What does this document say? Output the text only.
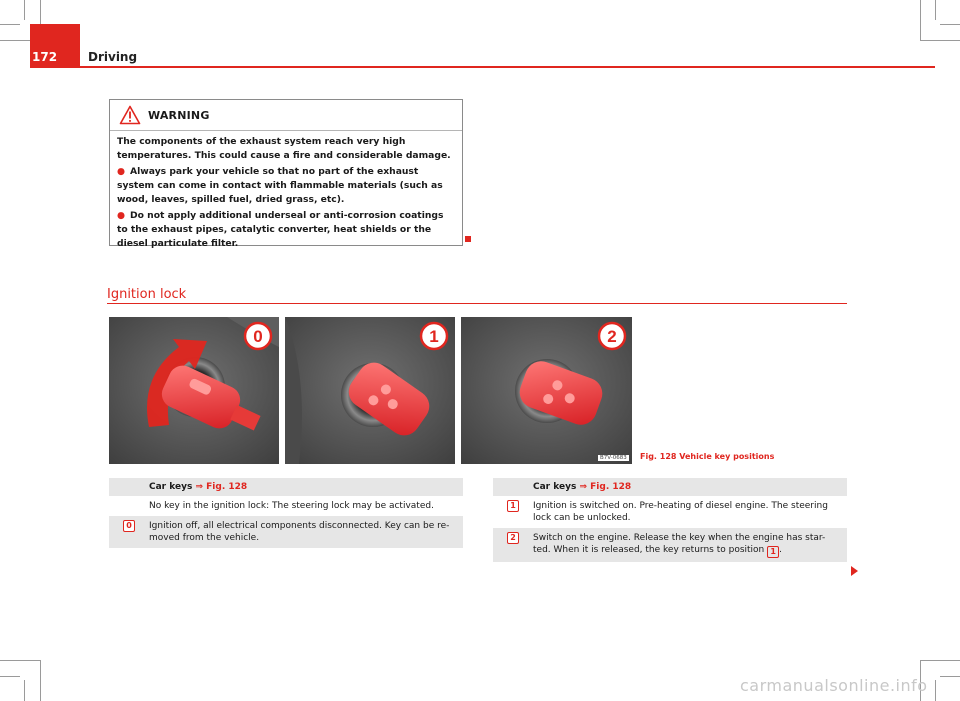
172	Driving
WARNING

The components of the exhaust system reach very high temperatures. This could cause a fire and considerable damage.

● Always park your vehicle so that no part of the exhaust system can come in contact with flammable materials (such as wood, leaves, spilled fuel, dried grass, etc).

● Do not apply additional underseal or anti-corrosion coatings to the exhaust pipes, catalytic converter, heat shields or the diesel particulate filter.

Ignition lock
0	1	2
B7V-0683 Fig. 128 Vehicle key positions
Car keys ⇒ Fig. 128
No key in the ignition lock: The steering lock may be activated.
0	Ignition off, all electrical components disconnected. Key can be re-moved from the vehicle.
Car keys ⇒ Fig. 128
1	Ignition is switched on. Pre-heating of diesel engine. The steering lock can be unlocked.
2	Switch on the engine. Release the key when the engine has star-ted. When it is released, the key returns to position 1 .
carmanualsonline.info
